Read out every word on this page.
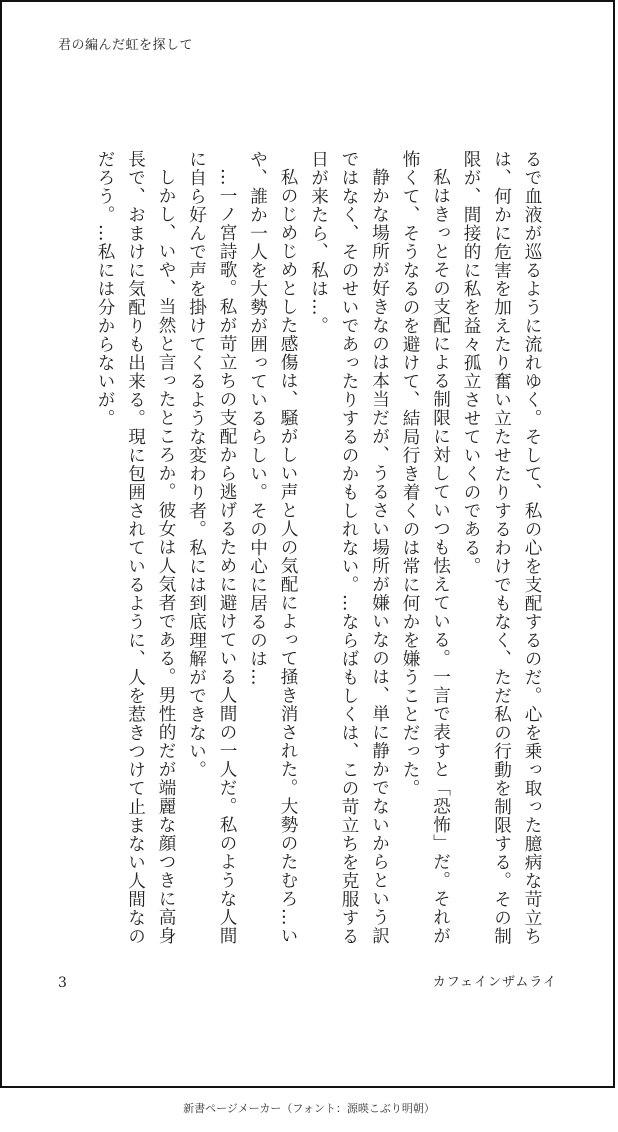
君の編んだ虹を探して

るで血液が巡るように流れゆく。そして、私の心を支配するのだ。心を乗っ取った臆病な苛立ちは、何かに危害を加えたり奮い立たせたりするわけでもなく、ただ私の行動を制限する。その制限が、間接的に私を益々孤立させていくのである。

私はきっとその支配による制限に対していつも怯えている。一言で表すと「恐怖」だ。それが怖くて、そうなるのを避けて、結局行き着くのは常に何かを嫌うことだった。

静かな場所が好きなのは本当だが、うるさい場所が嫌いなのは、単に静かでないからという訳ではなく、そのせいであったりするのかもしれない。…ならばもしくは、この苛立ちを克服する日が来たら、私は…。

私のじめじめとした感傷は、騒がしい声と人の気配によって掻き消された。大勢のたむろ…いや、誰か一人を大勢が囲っているらしい。その中心に居るのは…

…一ノ宮詩歌。私が苛立ちの支配から逃げるために避けている人間の一人だ。私のような人間に自ら好んで声を掛けてくるような変わり者。私には到底理解ができない。

しかし、いや、当然と言ったところか。彼女は人気者である。男性的だが端麗な顔つきに高身長で、おまけに気配りも出来る。現に包囲されているように、人を惹きつけて止まない人間なのだろう。…私には分からないが。

3	カフェインザムライ
新書ページメーカー（フォント：源暎こぶり明朝）
